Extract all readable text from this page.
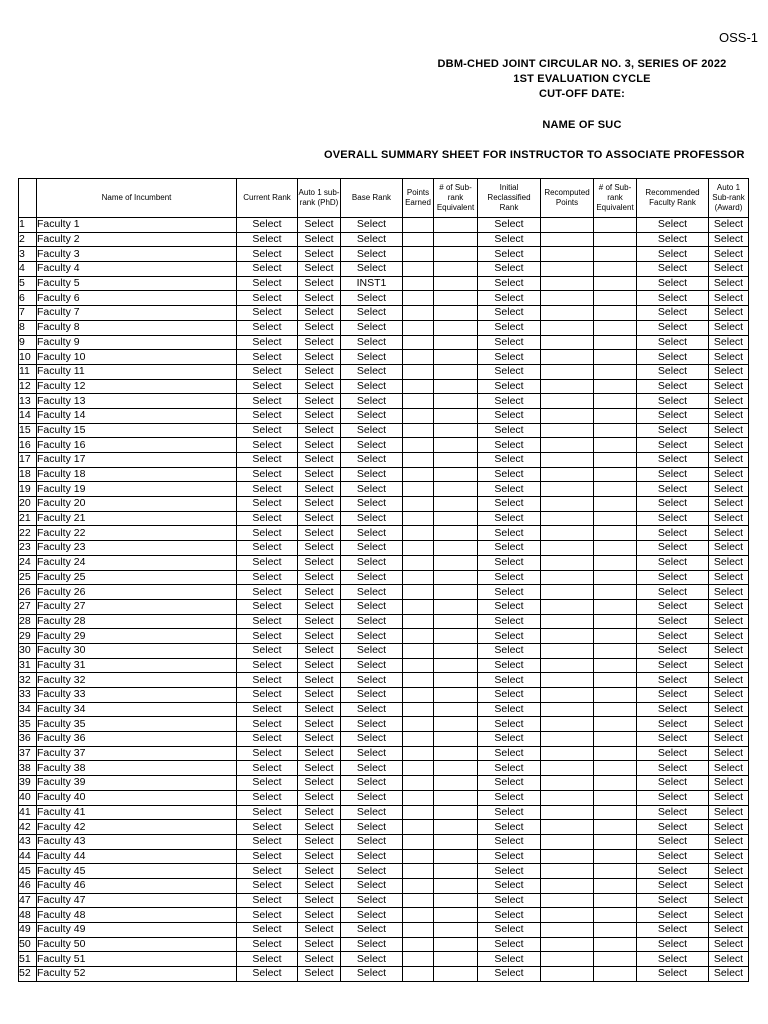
OSS-1
DBM-CHED JOINT CIRCULAR NO. 3, SERIES OF 2022
1ST EVALUATION CYCLE
CUT-OFF DATE:
NAME OF SUC
OVERALL SUMMARY SHEET FOR INSTRUCTOR TO ASSOCIATE PROFESSOR
	Name of Incumbent	Current Rank	Auto 1 sub-rank (PhD)	Base Rank	Points Earned	# of Sub-rank Equivalent	Initial Reclassified Rank	Recomputed Points	# of Sub-rank Equivalent	Recommended Faculty Rank	Auto 1 Sub-rank (Award)
1	Faculty 1	Select	Select	Select			Select			Select	Select
2	Faculty 2	Select	Select	Select			Select			Select	Select
3	Faculty 3	Select	Select	Select			Select			Select	Select
4	Faculty 4	Select	Select	Select			Select			Select	Select
5	Faculty 5	Select	Select	INST1			Select			Select	Select
6	Faculty 6	Select	Select	Select			Select			Select	Select
7	Faculty 7	Select	Select	Select			Select			Select	Select
8	Faculty 8	Select	Select	Select			Select			Select	Select
9	Faculty 9	Select	Select	Select			Select			Select	Select
10	Faculty 10	Select	Select	Select			Select			Select	Select
11	Faculty 11	Select	Select	Select			Select			Select	Select
12	Faculty 12	Select	Select	Select			Select			Select	Select
13	Faculty 13	Select	Select	Select			Select			Select	Select
14	Faculty 14	Select	Select	Select			Select			Select	Select
15	Faculty 15	Select	Select	Select			Select			Select	Select
16	Faculty 16	Select	Select	Select			Select			Select	Select
17	Faculty 17	Select	Select	Select			Select			Select	Select
18	Faculty 18	Select	Select	Select			Select			Select	Select
19	Faculty 19	Select	Select	Select			Select			Select	Select
20	Faculty 20	Select	Select	Select			Select			Select	Select
21	Faculty 21	Select	Select	Select			Select			Select	Select
22	Faculty 22	Select	Select	Select			Select			Select	Select
23	Faculty 23	Select	Select	Select			Select			Select	Select
24	Faculty 24	Select	Select	Select			Select			Select	Select
25	Faculty 25	Select	Select	Select			Select			Select	Select
26	Faculty 26	Select	Select	Select			Select			Select	Select
27	Faculty 27	Select	Select	Select			Select			Select	Select
28	Faculty 28	Select	Select	Select			Select			Select	Select
29	Faculty 29	Select	Select	Select			Select			Select	Select
30	Faculty 30	Select	Select	Select			Select			Select	Select
31	Faculty 31	Select	Select	Select			Select			Select	Select
32	Faculty 32	Select	Select	Select			Select			Select	Select
33	Faculty 33	Select	Select	Select			Select			Select	Select
34	Faculty 34	Select	Select	Select			Select			Select	Select
35	Faculty 35	Select	Select	Select			Select			Select	Select
36	Faculty 36	Select	Select	Select			Select			Select	Select
37	Faculty 37	Select	Select	Select			Select			Select	Select
38	Faculty 38	Select	Select	Select			Select			Select	Select
39	Faculty 39	Select	Select	Select			Select			Select	Select
40	Faculty 40	Select	Select	Select			Select			Select	Select
41	Faculty 41	Select	Select	Select			Select			Select	Select
42	Faculty 42	Select	Select	Select			Select			Select	Select
43	Faculty 43	Select	Select	Select			Select			Select	Select
44	Faculty 44	Select	Select	Select			Select			Select	Select
45	Faculty 45	Select	Select	Select			Select			Select	Select
46	Faculty 46	Select	Select	Select			Select			Select	Select
47	Faculty 47	Select	Select	Select			Select			Select	Select
48	Faculty 48	Select	Select	Select			Select			Select	Select
49	Faculty 49	Select	Select	Select			Select			Select	Select
50	Faculty 50	Select	Select	Select			Select			Select	Select
51	Faculty 51	Select	Select	Select			Select			Select	Select
52	Faculty 52	Select	Select	Select			Select			Select	Select
